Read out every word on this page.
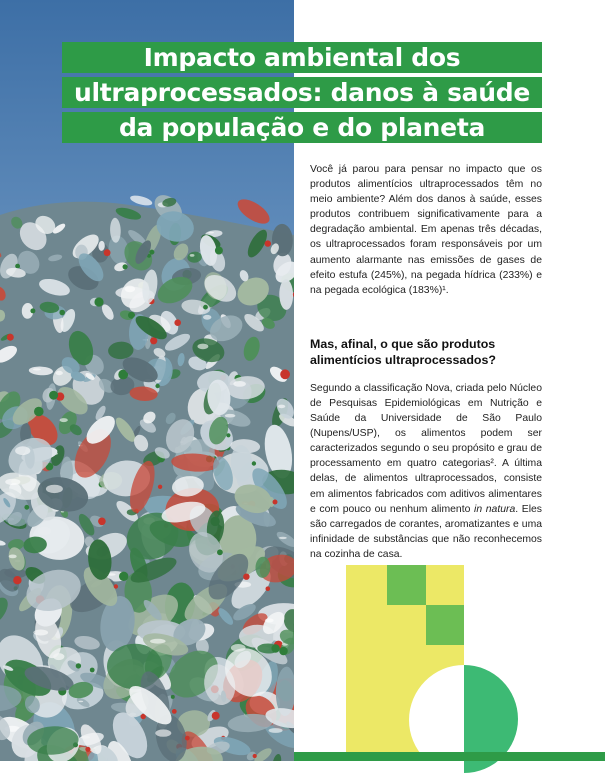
Impacto ambiental dos
ultraprocessados: danos à saúde
da população e do planeta

Você já parou para pensar no impacto que os produtos alimentícios ultraprocessados têm no meio ambiente? Além dos danos à saúde, esses produtos contribuem significativamente para a degradação ambiental. Em apenas três décadas, os ultraprocessados foram responsáveis por um aumento alarmante nas emissões de gases de efeito estufa (245%), na pegada hídrica (233%) e na pegada ecológica (183%)¹.

Mas, afinal, o que são produtos alimentícios ultraprocessados?

Segundo a classificação Nova, criada pelo Núcleo de Pesquisas Epidemiológicas em Nutrição e Saúde da Universidade de São Paulo (Nupens/USP), os alimentos podem ser caracterizados segundo o seu propósito e grau de processamento em quatro categorias². A última delas, de alimentos ultraprocessados, consiste em alimentos fabricados com aditivos alimentares e com pouco ou nenhum alimento in natura. Eles são carregados de corantes, aromatizantes e uma infinidade de substâncias que não reconhecemos na cozinha de casa.
